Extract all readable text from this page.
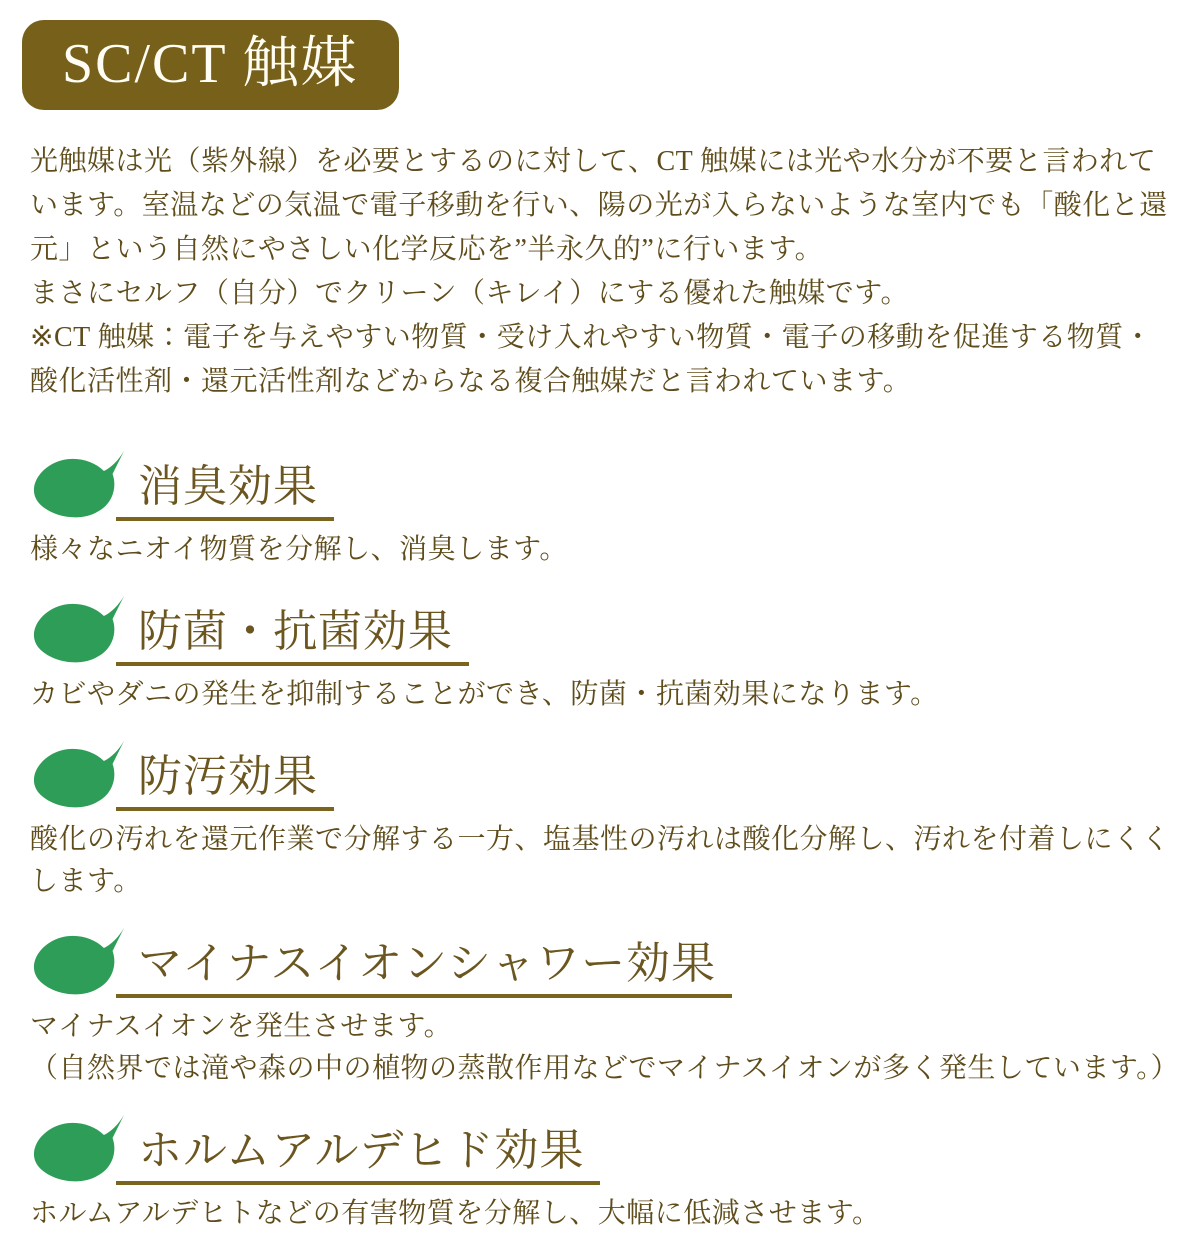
SC/CT 触媒

光触媒は光（紫外線）を必要とするのに対して、CT 触媒には光や水分が不要と言われています。室温などの気温で電子移動を行い、陽の光が入らないような室内でも「酸化と還元」という自然にやさしい化学反応を”半永久的”に行います。

まさにセルフ（自分）でクリーン（キレイ）にする優れた触媒です。

※CT 触媒：電子を与えやすい物質・受け入れやすい物質・電子の移動を促進する物質・酸化活性剤・還元活性剤などからなる複合触媒だと言われています。

消臭効果

様々なニオイ物質を分解し、消臭します。

防菌・抗菌効果

カビやダニの発生を抑制することができ、防菌・抗菌効果になります。

防汚効果

酸化の汚れを還元作業で分解する一方、塩基性の汚れは酸化分解し、汚れを付着しにくくします。

マイナスイオンシャワー効果

マイナスイオンを発生させます。

（自然界では滝や森の中の植物の蒸散作用などでマイナスイオンが多く発生しています。）

ホルムアルデヒド効果

ホルムアルデヒトなどの有害物質を分解し、大幅に低減させます。
